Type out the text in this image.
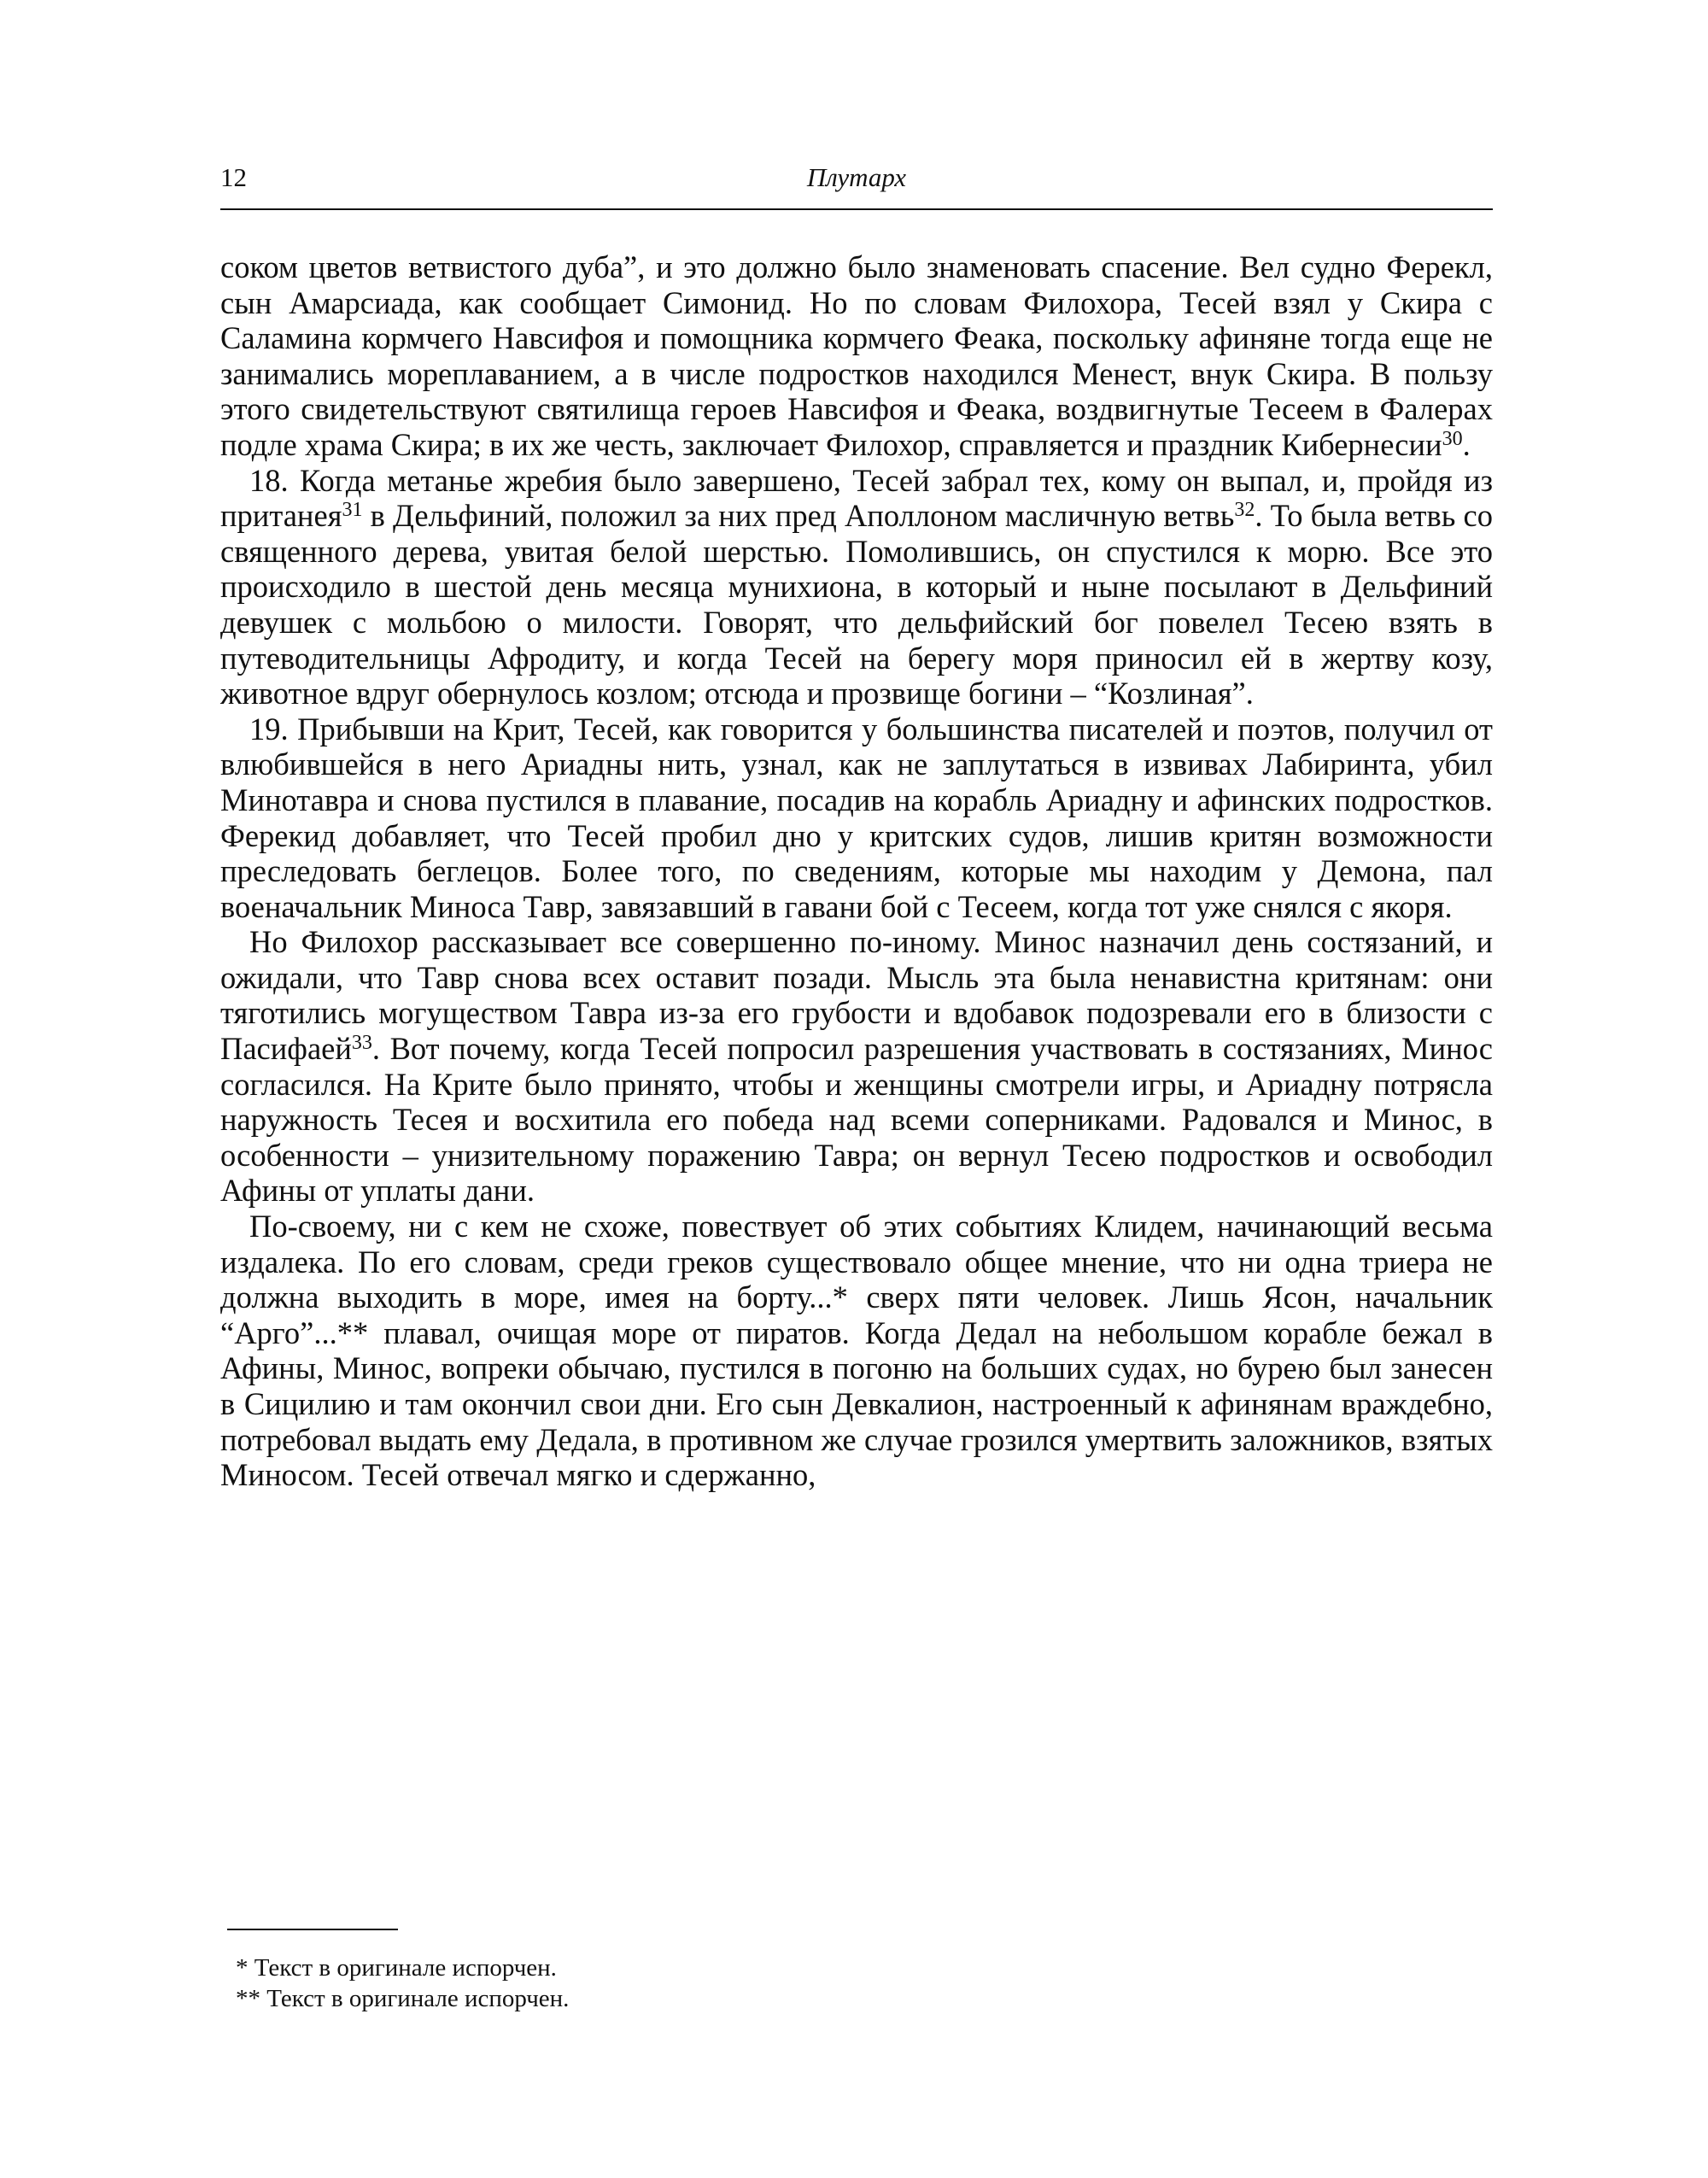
12	Плутарх

соком цветов ветвистого дуба”, и это должно было знаменовать спасение. Вел судно Ферекл, сын Амарсиада, как сообщает Симонид. Но по словам Филохора, Тесей взял у Скира с Саламина кормчего Навсифоя и помощника кормчего Феака, поскольку афиняне тогда еще не занимались мореплаванием, а в числе подростков находился Менест, внук Скира. В пользу этого свидетельствуют святилища героев Навсифоя и Феака, воздвигнутые Тесеем в Фалерах подле храма Скира; в их же честь, заключает Филохор, справляется и праздник Кибернесии$^{30}$.

18. Когда метанье жребия было завершено, Тесей забрал тех, кому он выпал, и, пройдя из пританея$^{31}$ в Дельфиний, положил за них пред Аполлоном масличную ветвь$^{32}$. То была ветвь со священного дерева, увитая белой шерстью. Помолившись, он спустился к морю. Все это происходило в шестой день месяца мунихиона, в который и ныне посылают в Дельфиний девушек с мольбою о милости. Говорят, что дельфийский бог повелел Тесею взять в путеводительницы Афродиту, и когда Тесей на берегу моря приносил ей в жертву козу, животное вдруг обернулось козлом; отсюда и прозвище богини – “Козлиная”.

19. Прибывши на Крит, Тесей, как говорится у большинства писателей и поэтов, получил от влюбившейся в него Ариадны нить, узнал, как не заплутаться в извивах Лабиринта, убил Минотавра и снова пустился в плавание, посадив на корабль Ариадну и афинских подростков. Ферекид добавляет, что Тесей пробил дно у критских судов, лишив критян возможности преследовать беглецов. Более того, по сведениям, которые мы находим у Демона, пал военачальник Миноса Тавр, завязавший в гавани бой с Тесеем, когда тот уже снялся с якоря.

Но Филохор рассказывает все совершенно по-иному. Минос назначил день состязаний, и ожидали, что Тавр снова всех оставит позади. Мысль эта была ненавистна критянам: они тяготились могуществом Тавра из-за его грубости и вдобавок подозревали его в близости с Пасифаей$^{33}$. Вот почему, когда Тесей попросил разрешения участвовать в состязаниях, Минос согласился. На Крите было принято, чтобы и женщины смотрели игры, и Ариадну потрясла наружность Тесея и восхитила его победа над всеми соперниками. Радовался и Минос, в особенности – унизительному поражению Тавра; он вернул Тесею подростков и освободил Афины от уплаты дани.

По-своему, ни с кем не схоже, повествует об этих событиях Клидем, начинающий весьма издалека. По его словам, среди греков существовало общее мнение, что ни одна триера не должна выходить в море, имея на борту...* сверх пяти человек. Лишь Ясон, начальник “Арго”...** плавал, очищая море от пиратов. Когда Дедал на небольшом корабле бежал в Афины, Минос, вопреки обычаю, пустился в погоню на больших судах, но бурею был занесен в Сицилию и там окончил свои дни. Его сын Девкалион, настроенный к афинянам враждебно, потребовал выдать ему Дедала, в противном же случае грозился умертвить заложников, взятых Миносом. Тесей отвечал мягко и сдержанно,

* Текст в оригинале испорчен.
** Текст в оригинале испорчен.
